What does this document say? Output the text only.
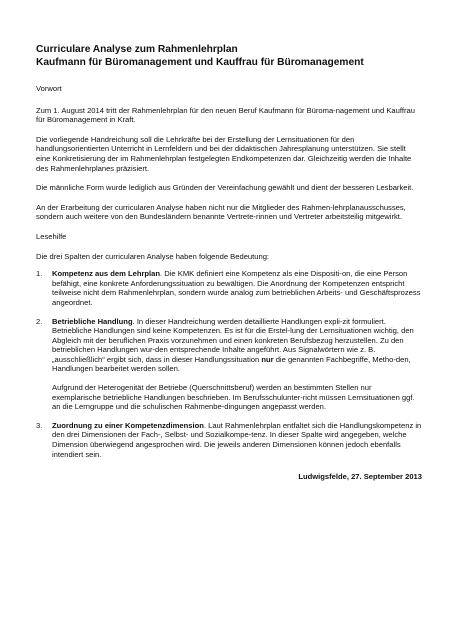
Curriculare Analyse zum Rahmenlehrplan
Kaufmann für Büromanagement und Kauffrau für Büromanagement

Vorwort

Zum 1. August 2014 tritt der Rahmenlehrplan für den neuen Beruf Kaufmann für Büroma-nagement und Kauffrau für Büromanagement in Kraft.

Die vorliegende Handreichung soll die Lehrkräfte bei der Erstellung der Lernsituationen für den handlungsorientierten Unterricht in Lernfeldern und bei der didaktischen Jahresplanung unterstützen. Sie stellt eine Konkretisierung der im Rahmenlehrplan festgelegten Endkompetenzen dar. Gleichzeitig werden die Inhalte des Rahmenlehrplanes präzisiert.

Die männliche Form wurde lediglich aus Gründen der Vereinfachung gewählt und dient der besseren Lesbarkeit.

An der Erarbeitung der curricularen Analyse haben nicht nur die Mitglieder des Rahmen-lehrplanausschusses, sondern auch weitere von den Bundesländern benannte Vertrete-rinnen und Vertreter arbeitsteilig mitgewirkt.

Lesehilfe

Die drei Spalten der curricularen Analyse haben folgende Bedeutung:

1.	Kompetenz aus dem Lehrplan. Die KMK definiert eine Kompetenz als eine Dispositi-on, die eine Person befähigt, eine konkrete Anforderungssituation zu bewältigen. Die Anordnung der Kompetenzen entspricht teilweise nicht dem Rahmenlehrplan, sondern wurde analog zum betrieblichen Arbeits- und Geschäftsprozess angeordnet.

2.	Betriebliche Handlung. In dieser Handreichung werden detaillierte Handlungen expli-zit formuliert. Betriebliche Handlungen sind keine Kompetenzen. Es ist für die Erstel-lung der Lernsituationen wichtig, den Abgleich mit der beruflichen Praxis vorzunehmen und einen konkreten Berufsbezug herzustellen. Zu den betrieblichen Handlungen wur-den entsprechende Inhalte angeführt. Aus Signalwörtern wie z. B. „ausschließlich“ ergibt sich, dass in dieser Handlungssituation nur die genannten Fachbegriffe, Metho-den, Handlungen bearbeitet werden sollen.

Aufgrund der Heterogenität der Betriebe (Querschnittsberuf) werden an bestimmten Stellen nur exemplarische betriebliche Handlungen beschrieben. Im Berufsschulunter-richt müssen Lernsituationen ggf. an die Lerngruppe und die schulischen Rahmenbe-dingungen angepasst werden.

3.	Zuordnung zu einer Kompetenzdimension. Laut Rahmenlehrplan entfaltet sich die Handlungskompetenz in den drei Dimensionen der Fach-, Selbst- und Sozialkompe-tenz. In dieser Spalte wird angegeben, welche Dimension überwiegend angesprochen wird. Die jeweils anderen Dimensionen können jedoch ebenfalls intendiert sein.

Ludwigsfelde, 27. September 2013
